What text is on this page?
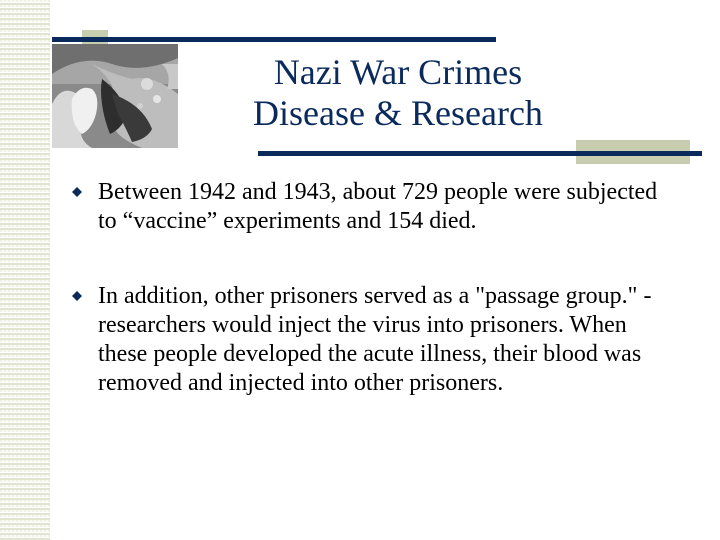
Nazi War Crimes
Disease & Research
Between 1942 and 1943, about 729 people were subjected to “vaccine” experiments and 154 died.
In addition, other prisoners served as a "passage group." -researchers would inject the virus into prisoners. When these people developed the acute illness, their blood was removed and injected into other prisoners.
